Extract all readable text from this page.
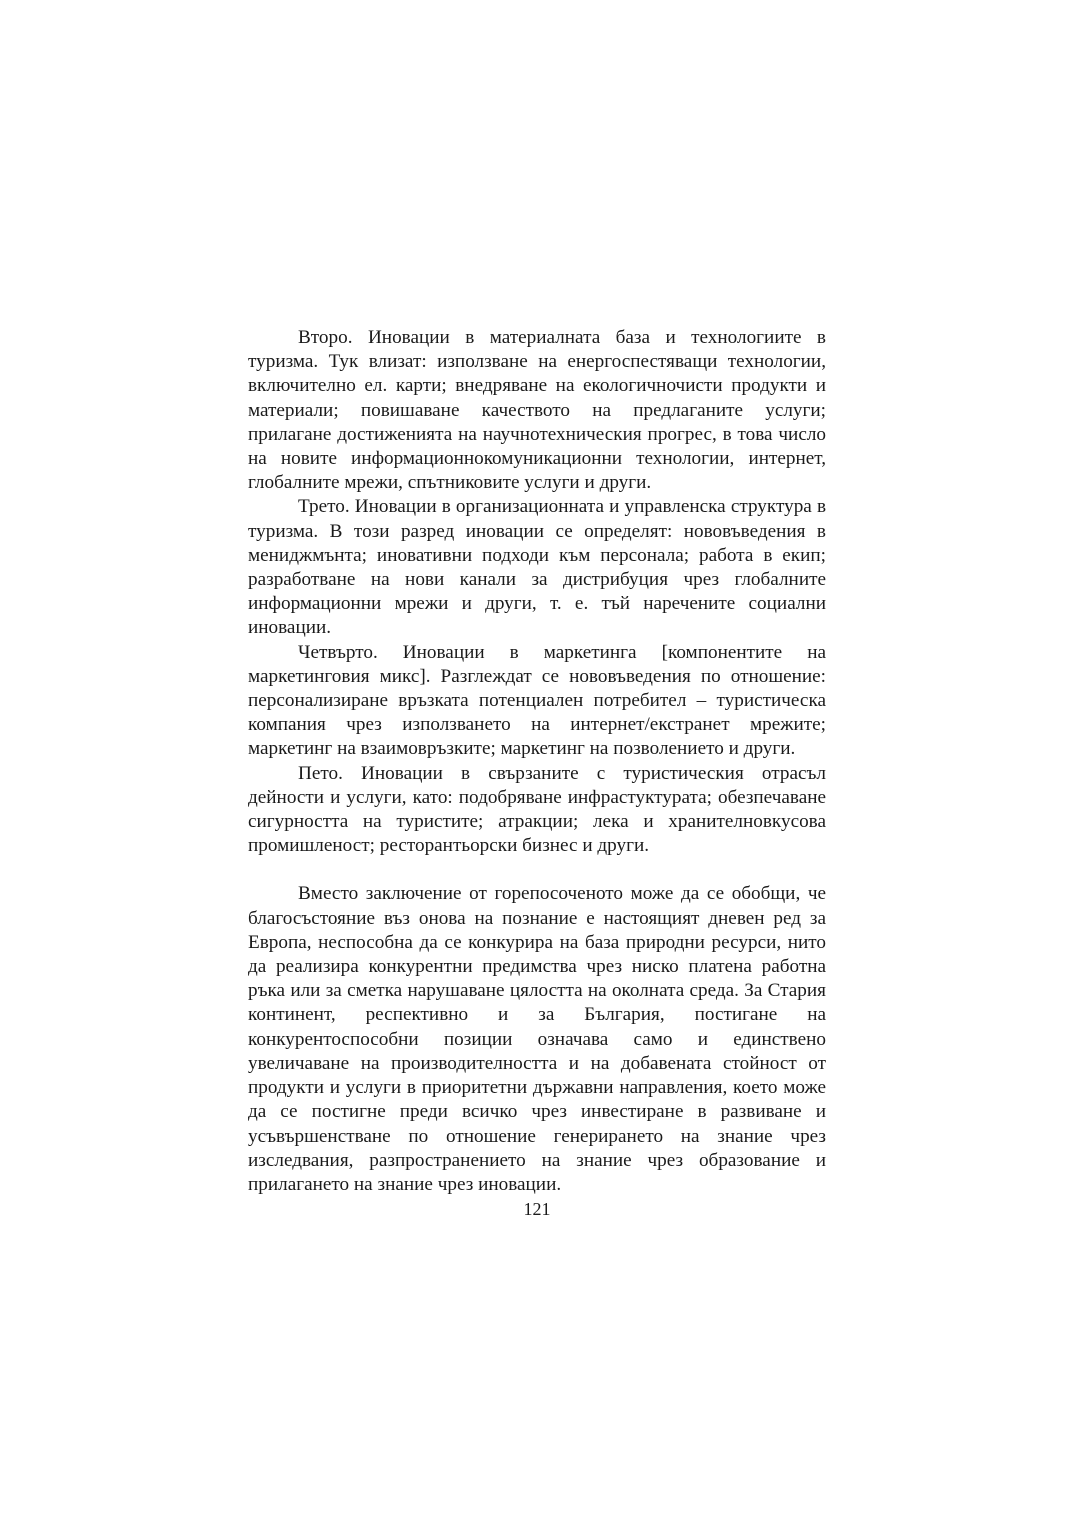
Второ. Иновации в материалната база и технологиите в туризма. Тук влизат: използване на енергоспестяващи технологии, включително ел. карти; внедряване на екологичночисти продукти и материали; повишаване качеството на предлаганите услуги; прилагане достиженията на научнотехническия прогрес, в това число на новите информационнокомуникационни технологии, интернет, глобалните мрежи, спътниковите услуги и други.

Трето. Иновации в организационната и управленска структура в туризма. В този разред иновации се определят: нововъведения в мениджмънта; иновативни подходи към персонала; работа в екип; разработване на нови канали за дистрибуция чрез глобалните информационни мрежи и други, т. е. тъй наречените социални иновации.

Четвърто. Иновации в маркетинга [компонентите на маркетинговия микс]. Разглеждат се нововъведения по отношение: персонализиране връзката потенциален потребител – туристическа компания чрез използването на интернет/екстранет мрежите; маркетинг на взаимовръзките; маркетинг на позволението и други.

Пето. Иновации в свързаните с туристическия отрасъл дейности и услуги, като: подобряване инфрастуктурата; обезпечаване сигурността на туристите; атракции; лека и хранителновкусова промишленост; ресторантьорски бизнес и други.

Вместо заключение от горепосоченото може да се обобщи, че благосъстояние въз онова на познание е настоящият дневен ред за Европа, неспособна да се конкурира на база природни ресурси, нито да реализира конкурентни предимства чрез ниско платена работна ръка или за сметка нарушаване цялостта на околната среда. За Стария континент, респективно и за България, постигане на конкурентоспособни позиции означава само и единствено увеличаване на производителността и на добавената стойност от продукти и услуги в приоритетни държавни направления, което може да се постигне преди всичко чрез инвестиране в развиване и усъвършенстване по отношение генерирането на знание чрез изследвания, разпространението на знание чрез образование и прилагането на знание чрез иновации.

121
